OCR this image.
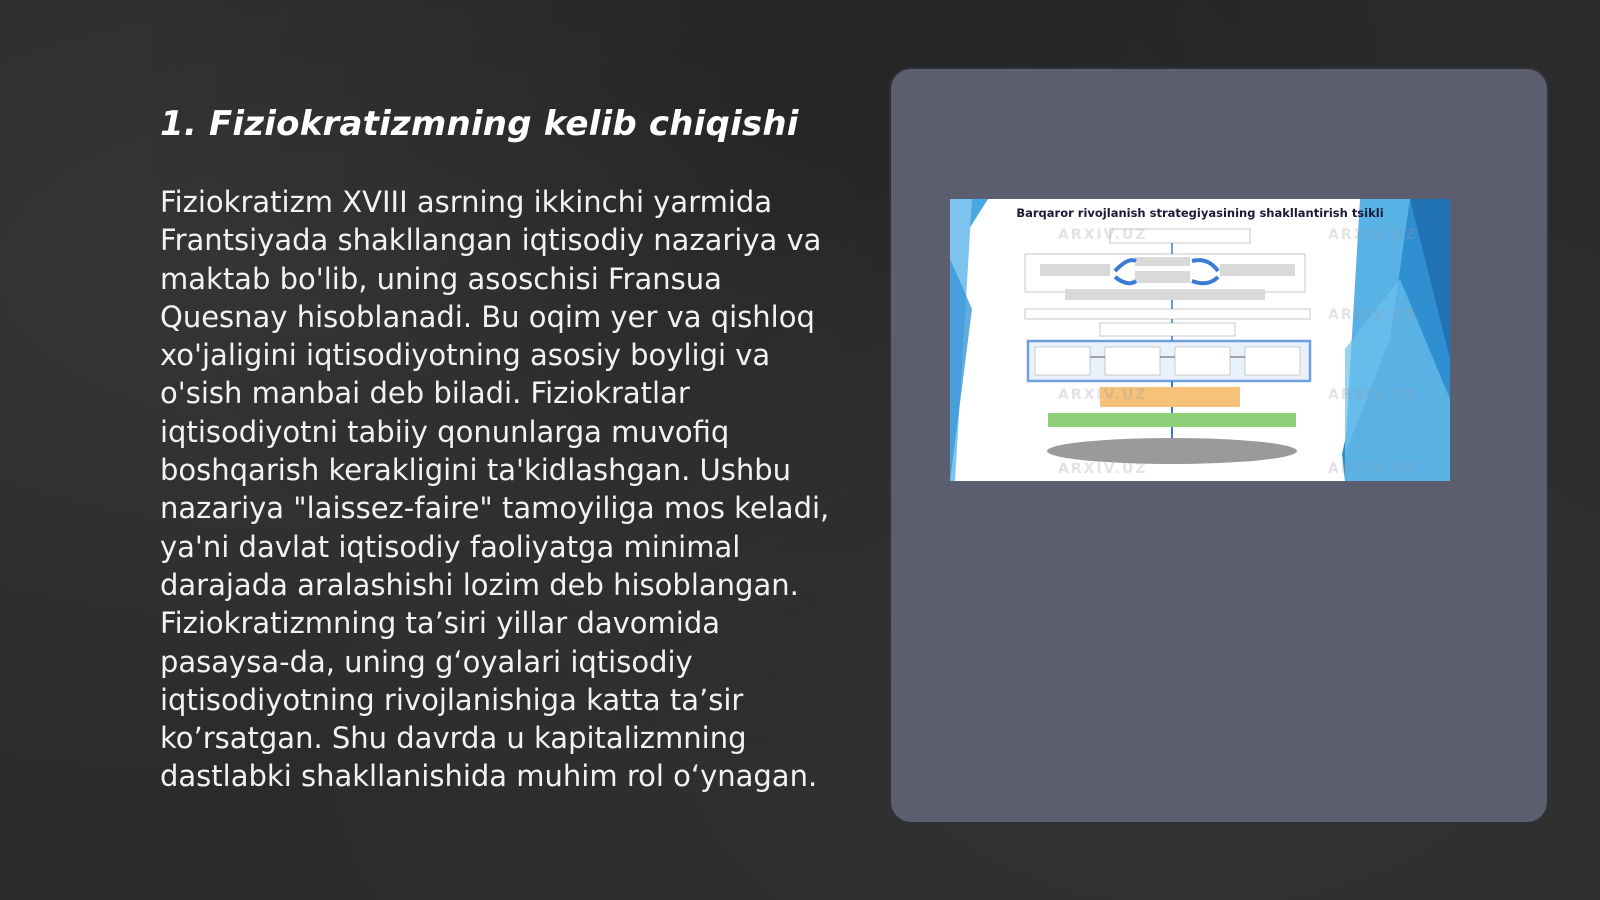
1. Fiziokratizmning kelib chiqishi

Fiziokratizm XVIII asrning ikkinchi yarmida Frantsiyada shakllangan iqtisodiy nazariya va maktab bo'lib, uning asoschisi Fransua Quesnay hisoblanadi. Bu oqim yer va qishloq xo'jaligini iqtisodiyotning asosiy boyligi va o'sish manbai deb biladi. Fiziokratlar iqtisodiyotni tabiiy qonunlarga muvofiq boshqarish kerakligini ta'kidlashgan. Ushbu nazariya "laissez-faire" tamoyiliga mos keladi, ya'ni davlat iqtisodiy faoliyatga minimal darajada aralashishi lozim deb hisoblangan. Fiziokratizmning ta’siri yillar davomida pasaysa-da, uning g‘oyalari iqtisodiy iqtisodiyotning rivojlanishiga katta ta’sir ko’rsatgan. Shu davrda u kapitalizmning dastlabki shakllanishida muhim rol o‘ynagan.

Barqaror rivojlanish strategiyasining shakllantirish tsikli
ARXIV.UZ	ARXIV.UZ
ARXIV.UZ
ARXIV.UZ	ARXIV.UZ
ARXIV.UZ	ARXIV.UZ
